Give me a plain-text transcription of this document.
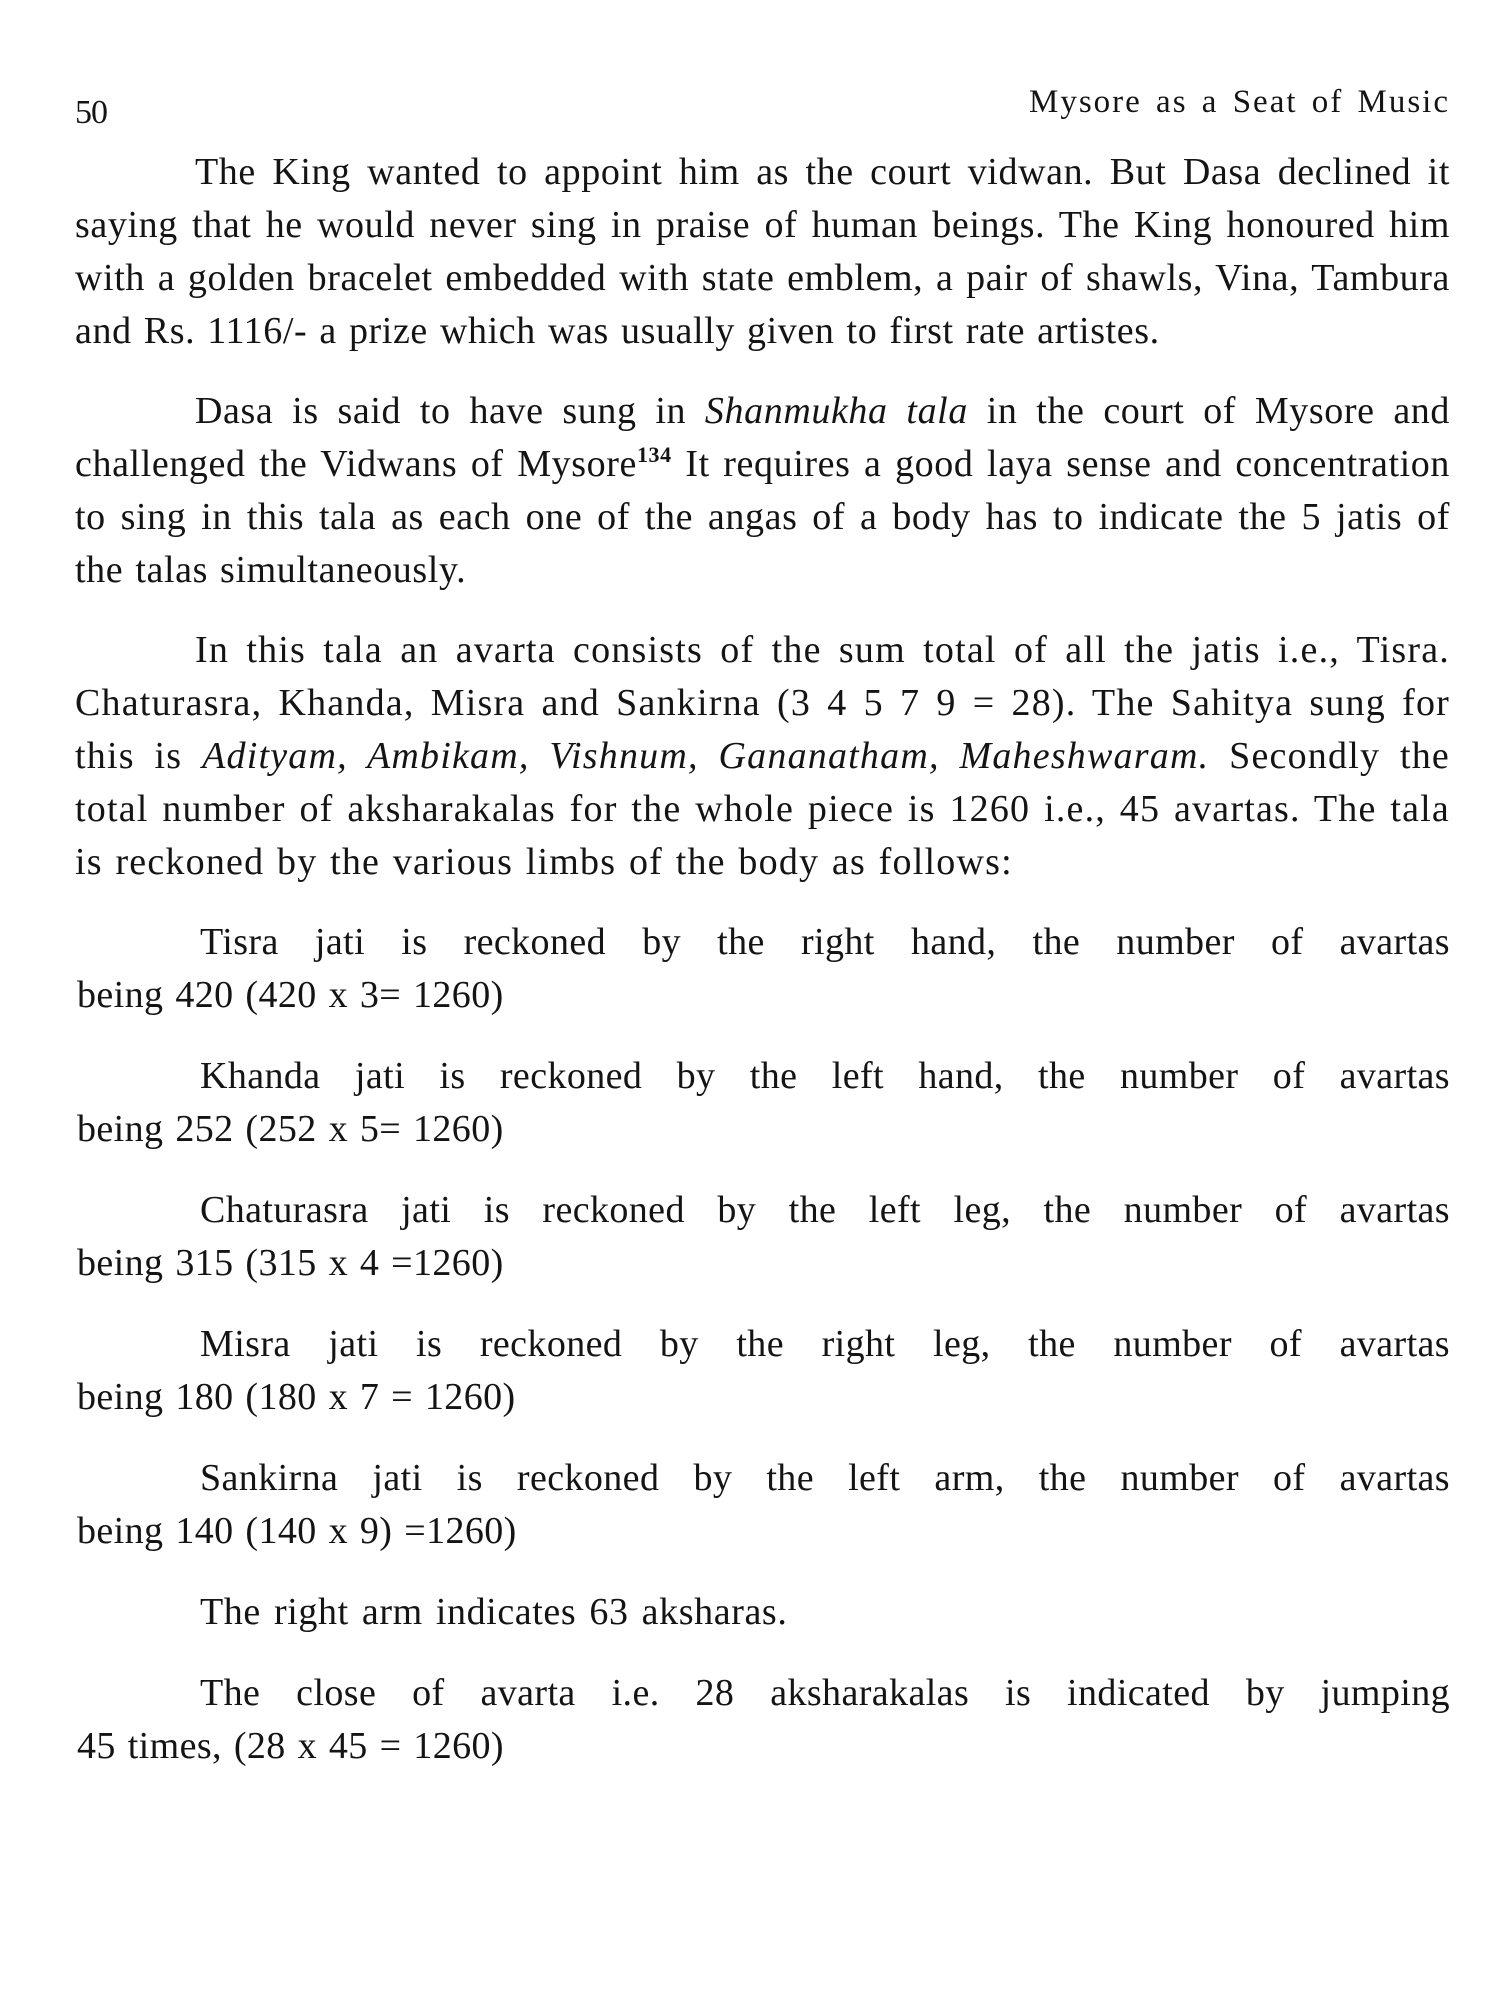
50	Mysore as a Seat of Music

The King wanted to appoint him as the court vidwan. But Dasa declined it saying that he would never sing in praise of human beings. The King honoured him with a golden bracelet embedded with state emblem, a pair of shawls, Vina, Tambura and Rs. 1116/- a prize which was usually given to first rate artistes.

Dasa is said to have sung in Shanmukha tala in the court of Mysore and challenged the Vidwans of Mysore$^{134}$ It requires a good laya sense and concentration to sing in this tala as each one of the angas of a body has to indicate the 5 jatis of the talas simultaneously.

In this tala an avarta consists of the sum total of all the jatis i.e., Tisra. Chaturasra, Khanda, Misra and Sankirna (3 4 5 7 9 = 28). The Sahitya sung for this is Adityam, Ambikam, Vishnum, Gananatham, Maheshwaram. Secondly the total number of aksharakalas for the whole piece is 1260 i.e., 45 avartas. The tala is reckoned by the various limbs of the body as follows:

Tisra jati is reckoned by the right hand, the number of avartas
being 420 (420 x 3= 1260)
Khanda jati is reckoned by the left hand, the number of avartas
being 252 (252 x 5= 1260)
Chaturasra jati is reckoned by the left leg, the number of avartas
being 315 (315 x 4 =1260)
Misra jati is reckoned by the right leg, the number of avartas
being 180 (180 x 7 = 1260)
Sankirna jati is reckoned by the left arm, the number of avartas
being 140 (140 x 9) =1260)

The right arm indicates 63 aksharas.

The close of avarta i.e. 28 aksharakalas is indicated by jumping
45 times, (28 x 45 = 1260)
